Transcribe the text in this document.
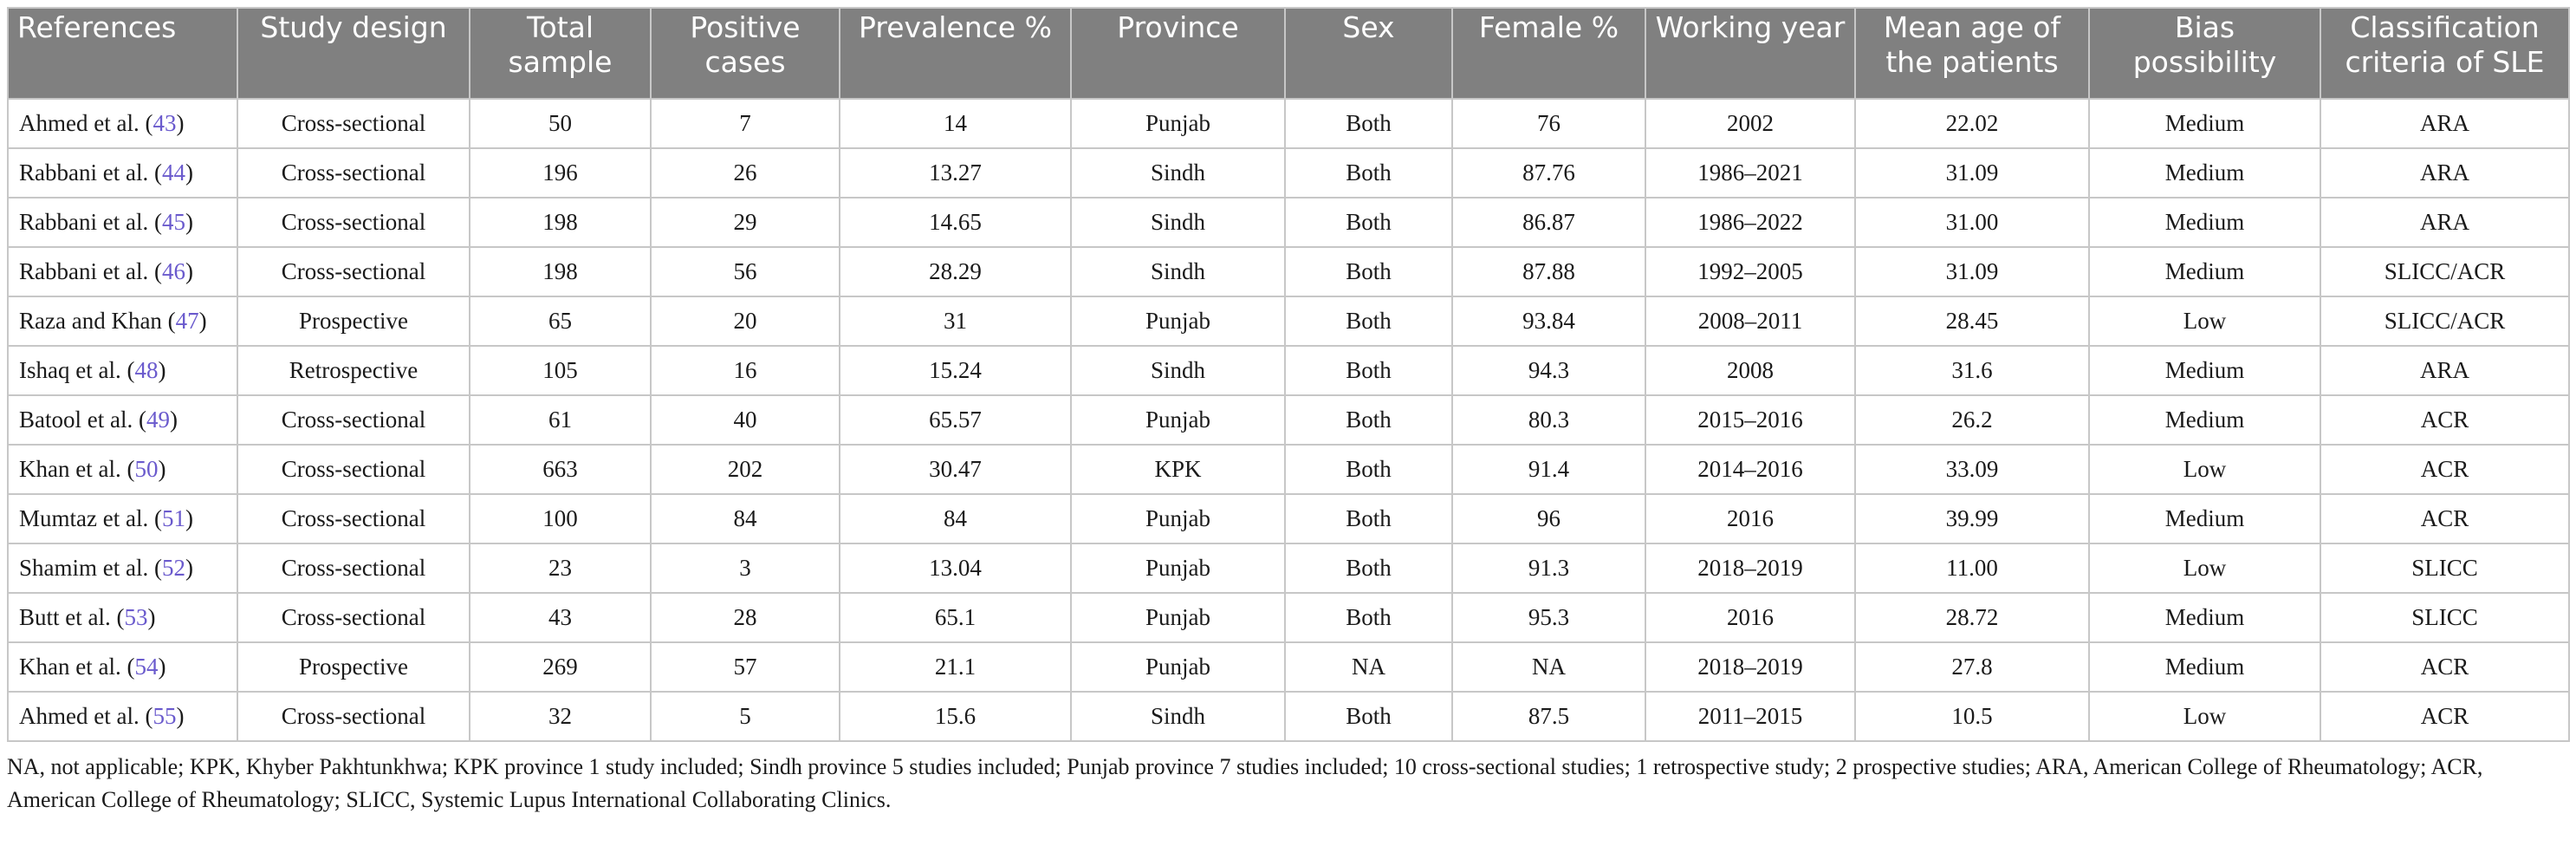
References	Study design	Total sample	Positive cases	Prevalence %	Province	Sex	Female %	Working year	Mean age of the patients	Bias possibility	Classification criteria of SLE
Ahmed et al. (43)	Cross-sectional	50	7	14	Punjab	Both	76	2002	22.02	Medium	ARA
Rabbani et al. (44)	Cross-sectional	196	26	13.27	Sindh	Both	87.76	1986–2021	31.09	Medium	ARA
Rabbani et al. (45)	Cross-sectional	198	29	14.65	Sindh	Both	86.87	1986–2022	31.00	Medium	ARA
Rabbani et al. (46)	Cross-sectional	198	56	28.29	Sindh	Both	87.88	1992–2005	31.09	Medium	SLICC/ACR
Raza and Khan (47)	Prospective	65	20	31	Punjab	Both	93.84	2008–2011	28.45	Low	SLICC/ACR
Ishaq et al. (48)	Retrospective	105	16	15.24	Sindh	Both	94.3	2008	31.6	Medium	ARA
Batool et al. (49)	Cross-sectional	61	40	65.57	Punjab	Both	80.3	2015–2016	26.2	Medium	ACR
Khan et al. (50)	Cross-sectional	663	202	30.47	KPK	Both	91.4	2014–2016	33.09	Low	ACR
Mumtaz et al. (51)	Cross-sectional	100	84	84	Punjab	Both	96	2016	39.99	Medium	ACR
Shamim et al. (52)	Cross-sectional	23	3	13.04	Punjab	Both	91.3	2018–2019	11.00	Low	SLICC
Butt et al. (53)	Cross-sectional	43	28	65.1	Punjab	Both	95.3	2016	28.72	Medium	SLICC
Khan et al. (54)	Prospective	269	57	21.1	Punjab	NA	NA	2018–2019	27.8	Medium	ACR
Ahmed et al. (55)	Cross-sectional	32	5	15.6	Sindh	Both	87.5	2011–2015	10.5	Low	ACR
NA, not applicable; KPK, Khyber Pakhtunkhwa; KPK province 1 study included; Sindh province 5 studies included; Punjab province 7 studies included; 10 cross-sectional studies; 1 retrospective study; 2 prospective studies; ARA, American College of Rheumatology; ACR, American College of Rheumatology; SLICC, Systemic Lupus International Collaborating Clinics.
